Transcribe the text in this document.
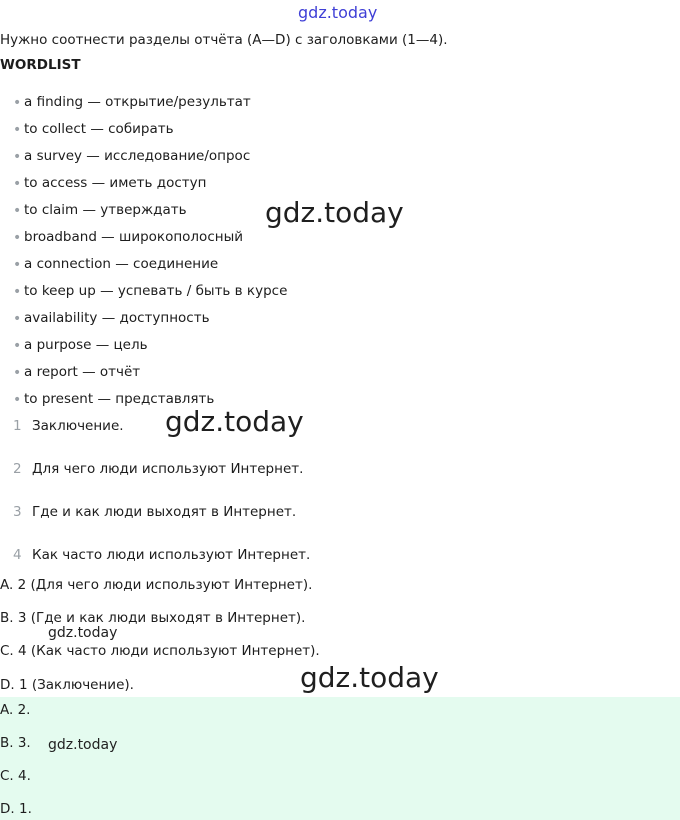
gdz.today
Нужно соотнести разделы отчёта (A—D) с заголовками (1—4).
WORDLIST
• a finding — открытие/результат
• to collect — собирать
• a survey — исследование/опрос
• to access — иметь доступ
• to claim — утверждать
• broadband — широкополосный
• a connection — соединение
• to keep up — успевать / быть в курсе
• availability — доступность
• a purpose — цель
• a report — отчёт
• to present — представлять
gdz.today
1 Заключение.
2 Для чего люди используют Интернет.
3 Где и как люди выходят в Интернет.
4 Как часто люди используют Интернет.
gdz.today
A. 2 (Для чего люди используют Интернет).
B. 3 (Где и как люди выходят в Интернет).
C. 4 (Как часто люди используют Интернет).
D. 1 (Заключение).
gdz.today
gdz.today
A. 2.
B. 3.
C. 4.
D. 1.
gdz.today
